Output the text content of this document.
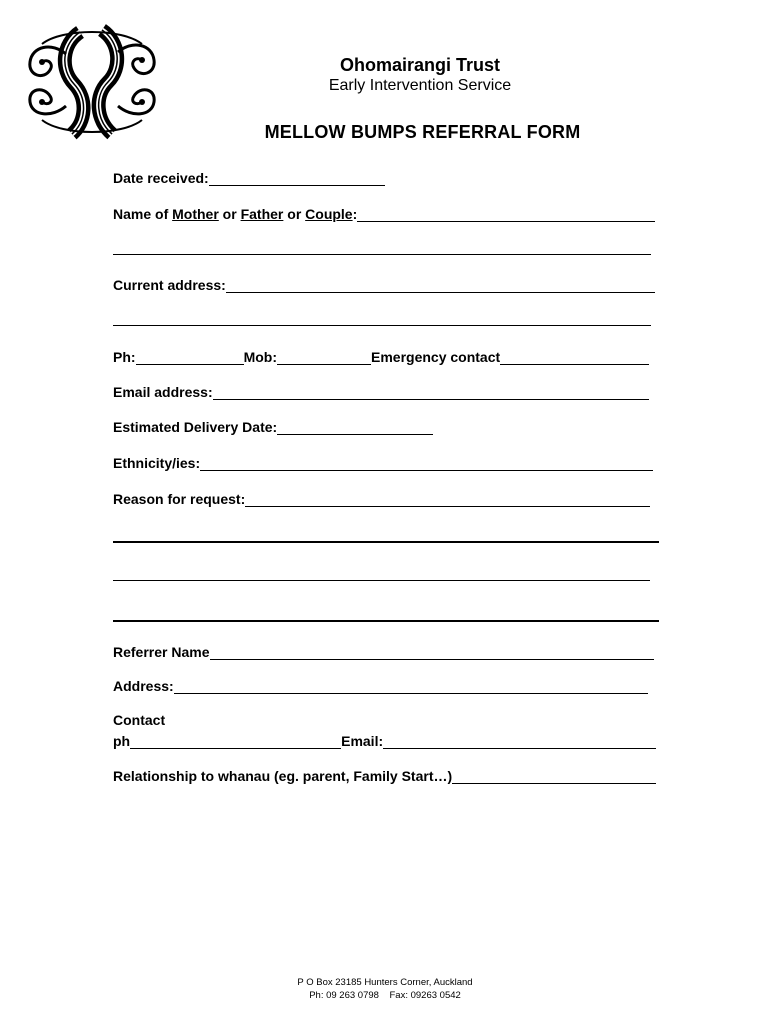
Ohomairangi Trust
Early Intervention Service
MELLOW BUMPS REFERRAL FORM
Date received:
Name of Mother or Father or Couple:
Current address:
Ph:	Mob:	Emergency contact
Email address:
Estimated Delivery Date:
Ethnicity/ies:
Reason for request:
Referrer Name
Address:
Contact
ph	Email:
Relationship to whanau (eg. parent, Family Start…)
P O Box 23185 Hunters Corner, Auckland
Ph: 09 263 0798    Fax: 09263 0542
